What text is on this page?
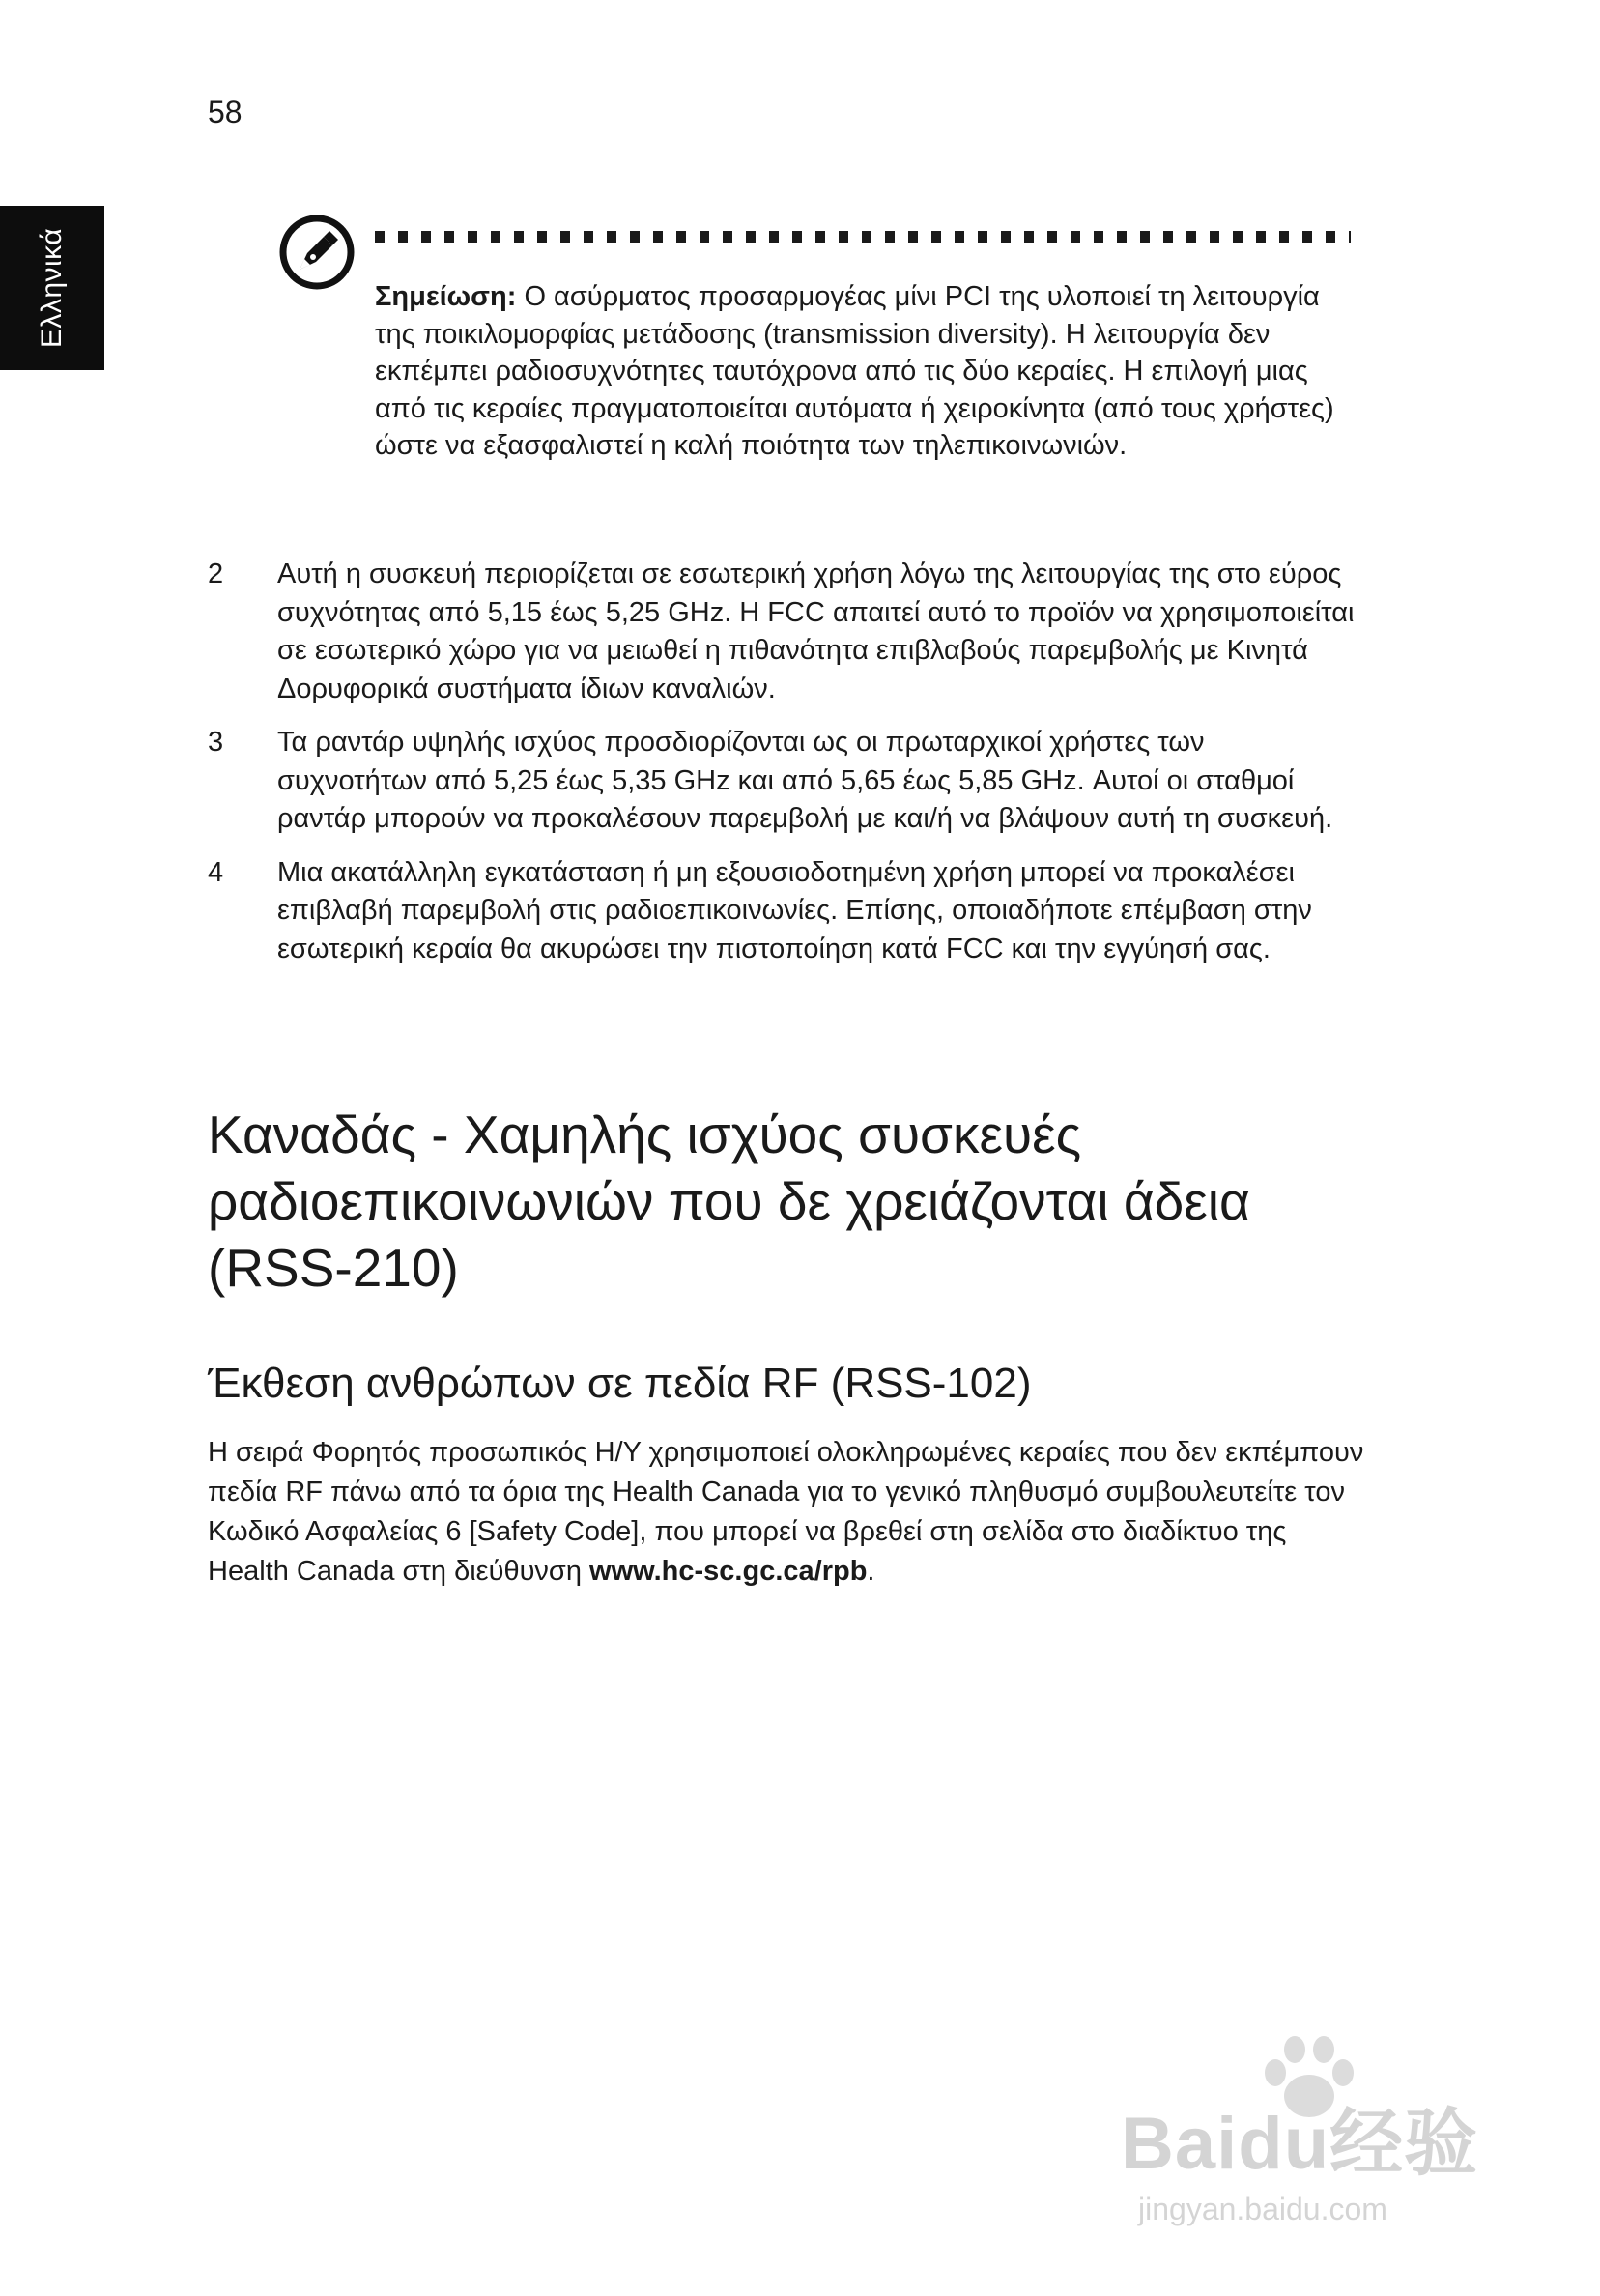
58
Ελληνικά	Σημείωση: Ο ασύρματος προσαρμογέας μίνι PCI της υλοποιεί τη λειτουργία της ποικιλομορφίας μετάδοσης (transmission diversity). Η λειτουργία δεν εκπέμπει ραδιοσυχνότητες ταυτόχρονα από τις δύο κεραίες. Η επιλογή μιας από τις κεραίες πραγματοποιείται αυτόματα ή χειροκίνητα (από τους χρήστες) ώστε να εξασφαλιστεί η καλή ποιότητα των τηλεπικοινωνιών.
2 Αυτή η συσκευή περιορίζεται σε εσωτερική χρήση λόγω της λειτουργίας της στο εύρος συχνότητας από 5,15 έως 5,25 GHz. Η FCC απαιτεί αυτό το προϊόν να χρησιμοποιείται σε εσωτερικό χώρο για να μειωθεί η πιθανότητα επιβλαβούς παρεμβολής με Κινητά Δορυφορικά συστήματα ίδιων καναλιών.
3 Τα ραντάρ υψηλής ισχύος προσδιορίζονται ως οι πρωταρχικοί χρήστες των συχνοτήτων από 5,25 έως 5,35 GHz και από 5,65 έως 5,85 GHz. Αυτοί οι σταθμοί ραντάρ μπορούν να προκαλέσουν παρεμβολή με και/ή να βλάψουν αυτή τη συσκευή.
4 Μια ακατάλληλη εγκατάσταση ή μη εξουσιοδοτημένη χρήση μπορεί να προκαλέσει επιβλαβή παρεμβολή στις ραδιοεπικοινωνίες. Επίσης, οποιαδήποτε επέμβαση στην εσωτερική κεραία θα ακυρώσει την πιστοποίηση κατά FCC και την εγγύησή σας.
Καναδάς - Χαμηλής ισχύος συσκευές ραδιοεπικοινωνιών που δε χρειάζονται άδεια (RSS-210)
Έκθεση ανθρώπων σε πεδία RF (RSS-102)

Η σειρά Φορητός προσωπικός Η/Υ χρησιμοποιεί ολοκληρωμένες κεραίες που δεν εκπέμπουν πεδία RF πάνω από τα όρια της Health Canada για το γενικό πληθυσμό συμβουλευτείτε τον Κωδικό Ασφαλείας 6 [Safety Code], που μπορεί να βρεθεί στη σελίδα στο διαδίκτυο της Health Canada στη διεύθυνση www.hc-sc.gc.ca/rpb.

Baidu经验
jingyan.baidu.com
